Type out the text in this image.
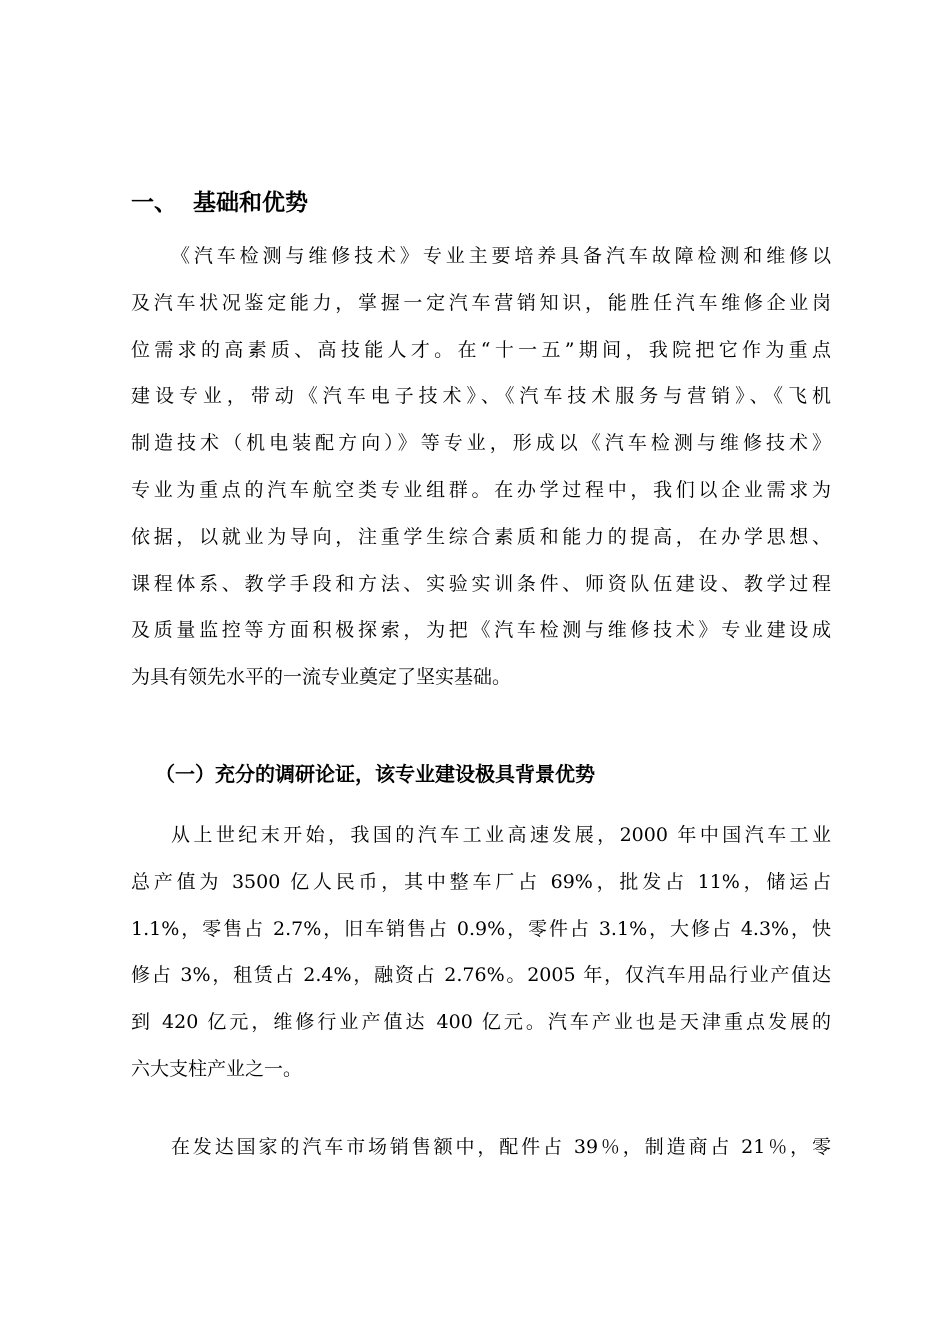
一、 基础和优势
《汽车检测与维修技术》专业主要培养具备汽车故障检测和维修以
及汽车状况鉴定能力，掌握一定汽车营销知识，能胜任汽车维修企业岗
位需求的高素质、高技能人才。在“十一五”期间，我院把它作为重点
建设专业，带动《汽车电子技术》、《汽车技术服务与营销》、《飞机
制造技术（机电装配方向）》等专业，形成以《汽车检测与维修技术》
专业为重点的汽车航空类专业组群。在办学过程中，我们以企业需求为
依据，以就业为导向，注重学生综合素质和能力的提高，在办学思想、
课程体系、教学手段和方法、实验实训条件、师资队伍建设、教学过程
及质量监控等方面积极探索，为把《汽车检测与维修技术》专业建设成
为具有领先水平的一流专业奠定了坚实基础。
（一）充分的调研论证，该专业建设极具背景优势
从上世纪末开始，我国的汽车工业高速发展，2000 年中国汽车工业
总产值为 3500 亿人民币，其中整车厂占 69%，批发占 11%，储运占
1.1%，零售占 2.7%，旧车销售占 0.9%，零件占 3.1%，大修占 4.3%，快
修占 3%，租赁占 2.4%，融资占 2.76%。2005 年，仅汽车用品行业产值达
到 420 亿元，维修行业产值达 400 亿元。汽车产业也是天津重点发展的
六大支柱产业之一。
在发达国家的汽车市场销售额中，配件占 39％，制造商占 21％，零
